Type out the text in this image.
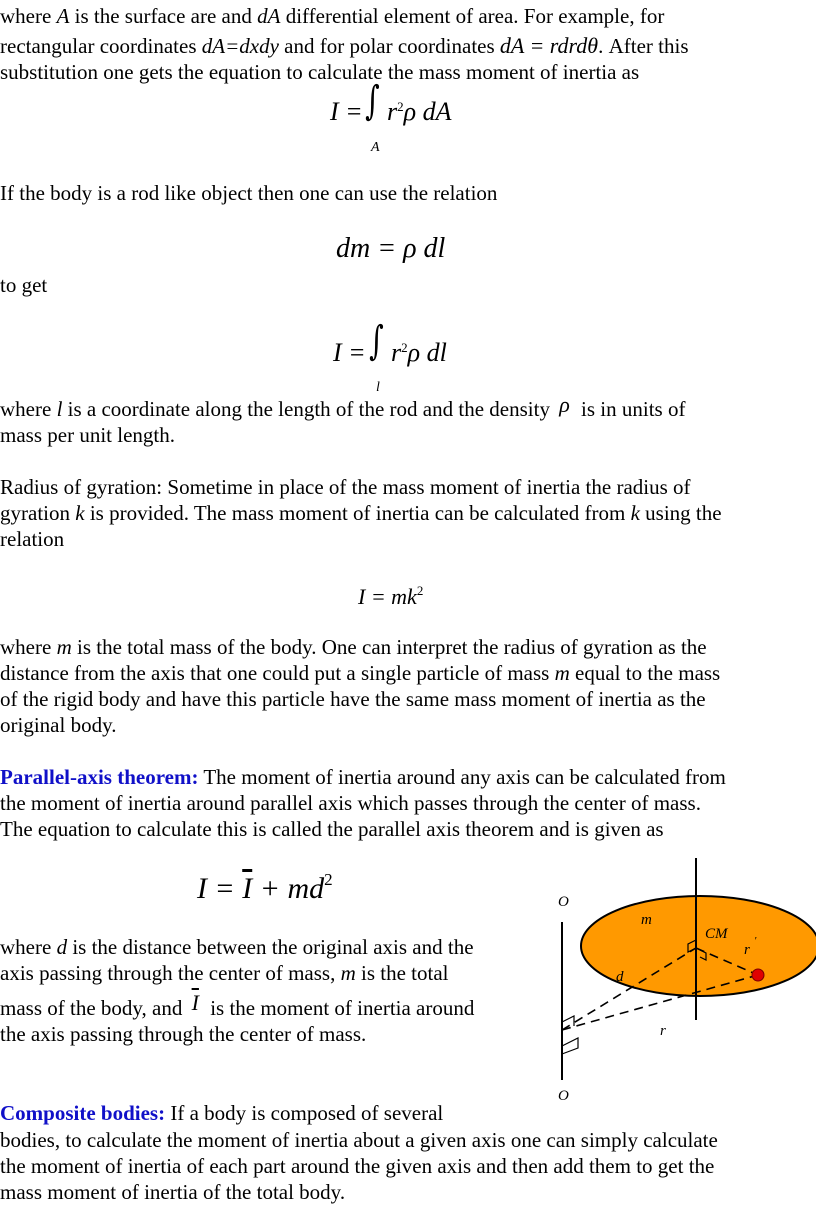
where A is the surface are and dA differential element of area. For example, for
rectangular coordinates dA=dxdy and for polar coordinates dA = rdrdθ. After this
substitution one gets the equation to calculate the mass moment of inertia as
I = ∫ $r^2\rho$ dA
A
If the body is a rod like object then one can use the relation
dm = ρ dl
to get
I = ∫ $r^2\rho$ dl
l
where l is a coordinate along the length of the rod and the density ρ is in units of
mass per unit length.
Radius of gyration: Sometime in place of the mass moment of inertia the radius of
gyration k is provided. The mass moment of inertia can be calculated from k using the
relation
$I = mk^2$
where m is the total mass of the body. One can interpret the radius of gyration as the
distance from the axis that one could put a single particle of mass m equal to the mass
of the rigid body and have this particle have the same mass moment of inertia as the
original body.
Parallel-axis theorem: The moment of inertia around any axis can be calculated from
the moment of inertia around parallel axis which passes through the center of mass.
The equation to calculate this is called the parallel axis theorem and is given as
$I = \overline{I} + md^2$
where d is the distance between the original axis and the
axis passing through the center of mass, m is the total
mass of the body, and $\overline{I}$ is the moment of inertia around
the axis passing through the center of mass.
O
O
m
CM
r
'
d
r
Composite bodies: If a body is composed of several
bodies, to calculate the moment of inertia about a given axis one can simply calculate
the moment of inertia of each part around the given axis and then add them to get the
mass moment of inertia of the total body.
